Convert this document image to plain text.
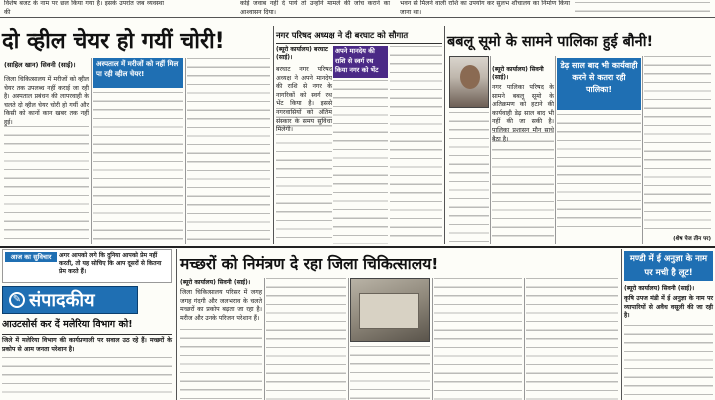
विशेष बजट के नाम पर छल किया गया है। इसके उपरांत जब व्यवस्था की
कोई जवाब नहीं दे पाये तो उन्होंने मामले की जांच कराने का आश्वासन दिया।
भवन से मिलने वाली राशि का उपयोग कर सुलभ शौचालय का निर्माण किया जाना था।
दो व्हील चेयर हो गयीं चोरी!
(साहिल खान) सिवनी (साई)।
जिला चिकित्सालय में मरीजों को व्हील चेयर तक उपलब्ध नहीं कराई जा रही है। अस्पताल प्रबंधन की लापरवाही के चलते दो व्हील चेयर चोरी हो गयीं और किसी को कानों कान खबर तक नहीं हुई।
अस्पताल में मरीजों को नहीं मिल पा रही व्हील चेयर!
नगर परिषद अध्यक्ष ने दी बरघाट को सौगात
(ब्यूरो कार्यालय) बरघाट (साई)।
अपने मानदेय की राशि से स्वर्ग रथ किया नगर को भेंट
बरघाट नगर परिषद अध्यक्ष ने अपने मानदेय की राशि से नगर के नागरिकों को स्वर्ग रथ भेंट किया है। इससे नगरवासियों को अंतिम संस्कार के समय सुविधा मिलेगी।
बबलू सूमो के सामने पालिका हुई बौनी!
(ब्यूरो कार्यालय) सिवनी (साई)।
नगर पालिका परिषद के सामने बबलू सूमो के अतिक्रमण को हटाने की कार्यवाही डेढ़ साल बाद भी नहीं की जा सकी है। पालिका प्रशासन मौन साधे बैठा है।
डेढ़ साल बाद भी कार्यवाही करने से कतरा रही पालिका!
(शेष पेज तीन पर)
आज का सुविचार	अगर आपको लगे कि दुनिया आपको प्रेम नहीं करती, तो यह सोचिए कि आप दूसरों से कितना प्रेम करते हैं।
✎ संपादकीय
आउटसोर्स कर दें मलेरिया विभाग को!
जिले में मलेरिया विभाग की कार्यप्रणाली पर सवाल उठ रहे हैं। मच्छरों के प्रकोप से आम जनता परेशान है।
मच्छरों को निमंत्रण दे रहा जिला चिकित्सालय!
(ब्यूरो कार्यालय) सिवनी (साई)।
जिला चिकित्सालय परिसर में जगह जगह गंदगी और जलभराव के चलते मच्छरों का प्रकोप बढ़ता जा रहा है। मरीज और उनके परिजन परेशान हैं।
मण्डी में ई अनुज्ञा के नाम पर मची है लूट!
(ब्यूरो कार्यालय) सिवनी (साई)।
कृषि उपज मंडी में ई अनुज्ञा के नाम पर व्यापारियों से अवैध वसूली की जा रही है।
